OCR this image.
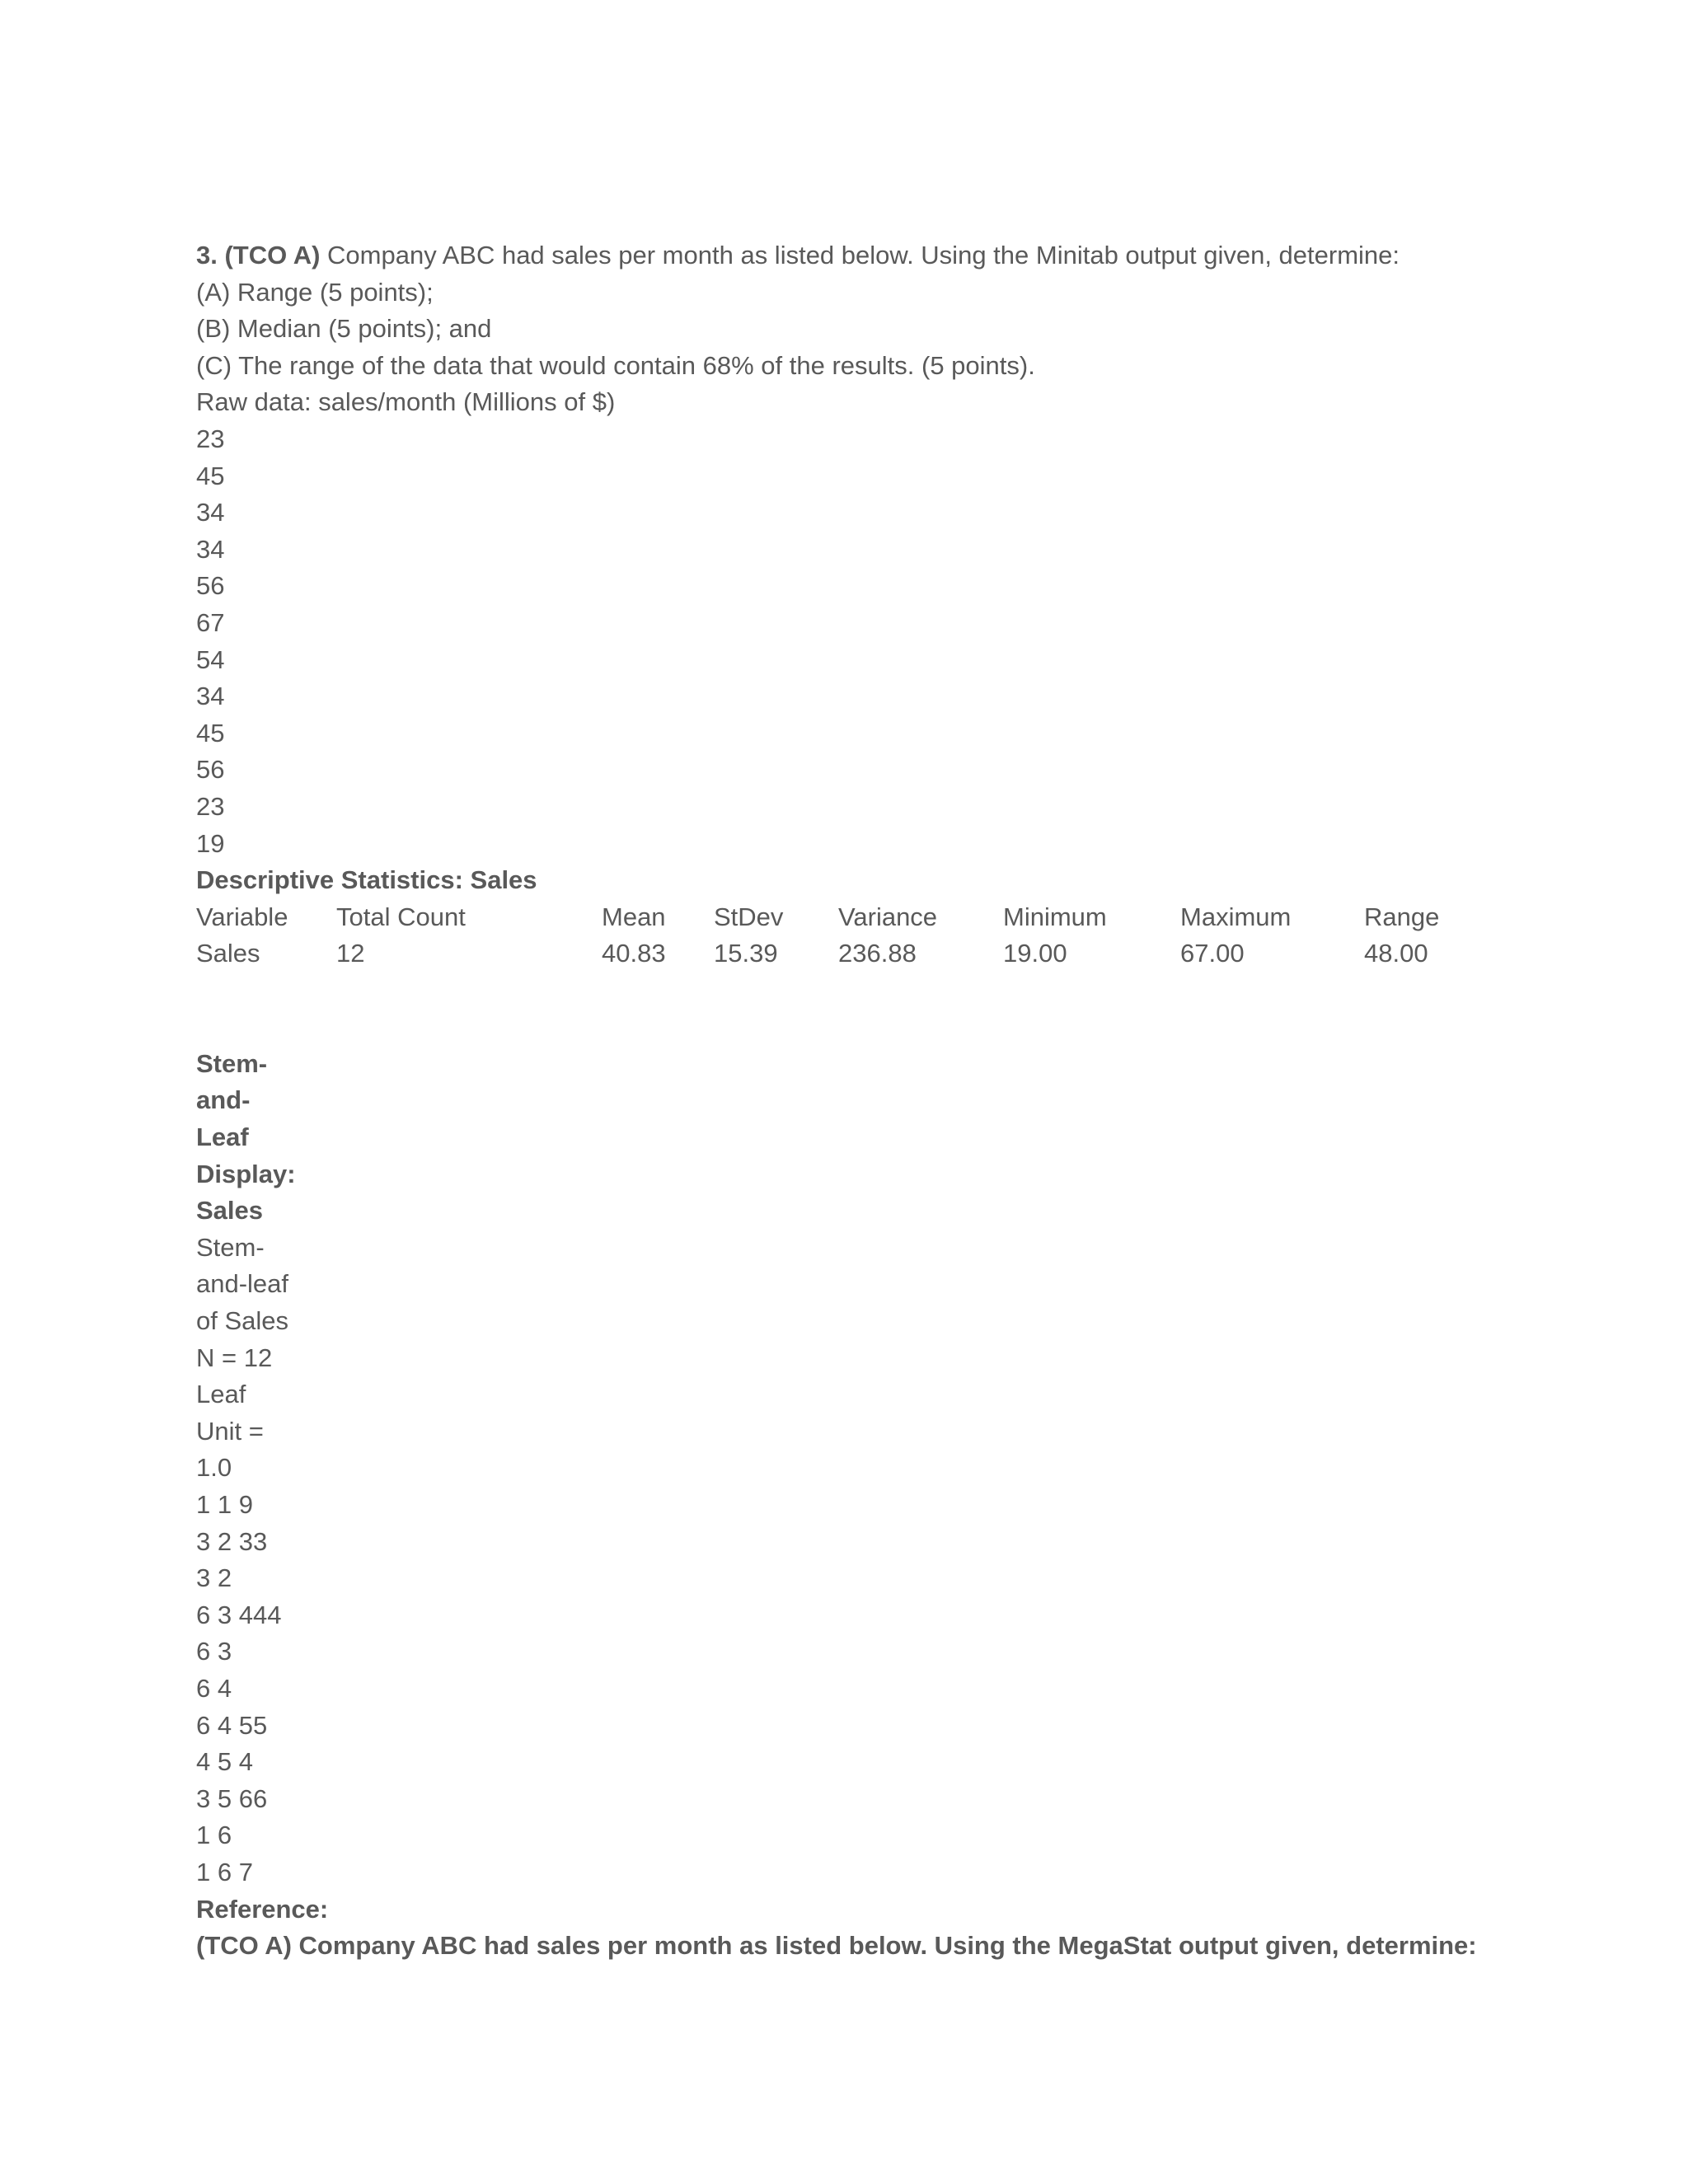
3. (TCO A) Company ABC had sales per month as listed below. Using the Minitab output given, determine:
(A) Range (5 points);
(B) Median (5 points); and
(C) The range of the data that would contain 68% of the results. (5 points).
Raw data: sales/month (Millions of $)
23
45
34
34
56
67
54
34
45
56
23
19
Descriptive Statistics: Sales
Variable	Total Count	Mean	StDev	Variance	Minimum	Maximum	Range
Sales	12	40.83	15.39	236.88	19.00	67.00	48.00
Stem-
and-
Leaf
Display:
Sales
Stem-
and-leaf
of Sales
N = 12
Leaf
Unit =
1.0
1 1 9
3 2 33
3 2
6 3 444
6 3
6 4
6 4 55
4 5 4
3 5 66
1 6
1 6 7
Reference:
(TCO A) Company ABC had sales per month as listed below. Using the MegaStat output given, determine:
